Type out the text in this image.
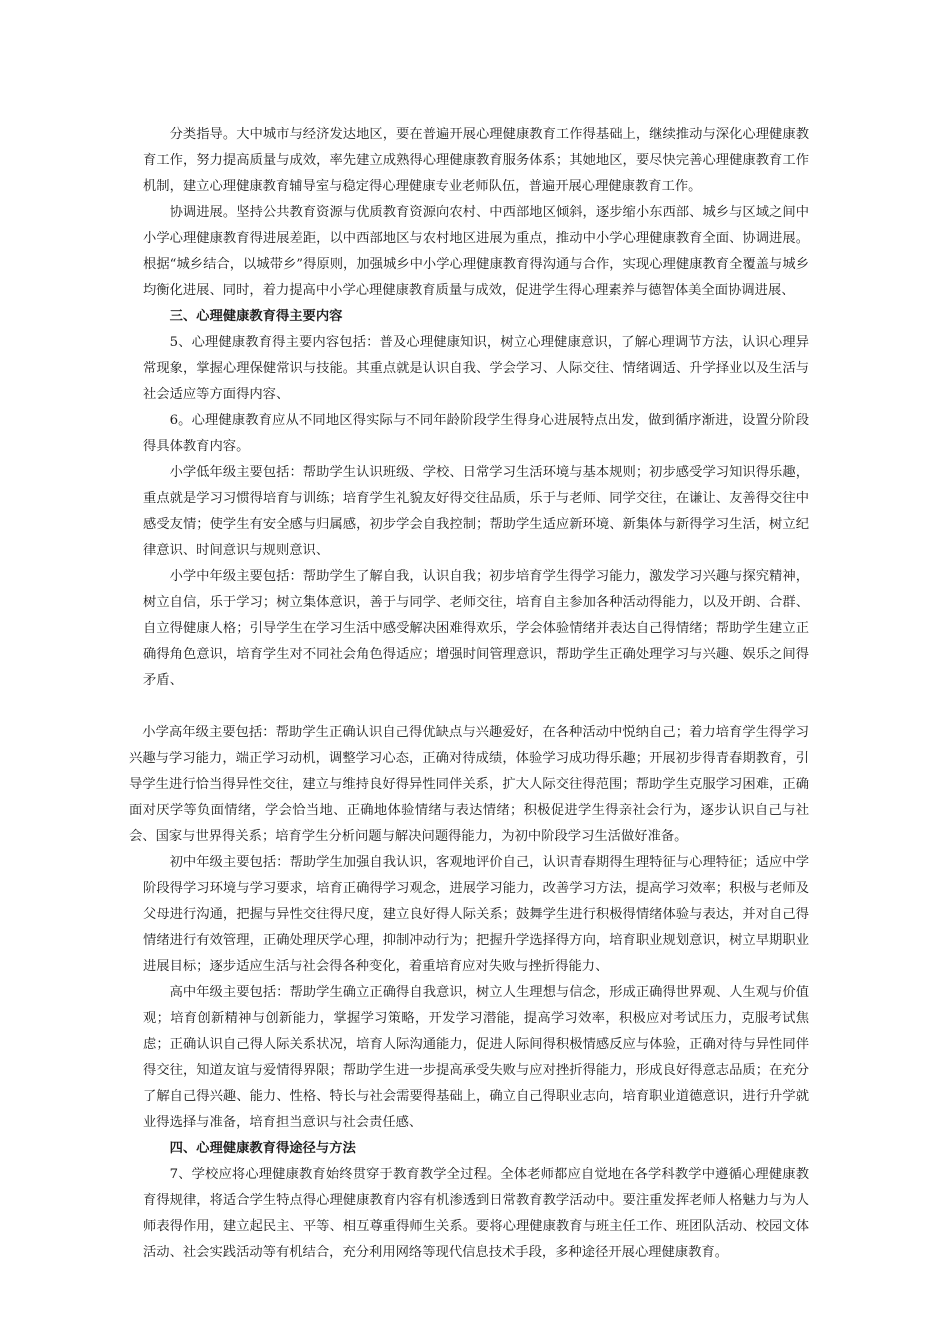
分类指导。大中城市与经济发达地区，要在普遍开展心理健康教育工作得基础上，继续推动与深化心理健康教育工作，努力提高质量与成效，率先建立成熟得心理健康教育服务体系；其她地区，要尽快完善心理健康教育工作机制，建立心理健康教育辅导室与稳定得心理健康专业老师队伍，普遍开展心理健康教育工作。

协调进展。坚持公共教育资源与优质教育资源向农村、中西部地区倾斜，逐步缩小东西部、城乡与区域之间中小学心理健康教育得进展差距，以中西部地区与农村地区进展为重点，推动中小学心理健康教育全面、协调进展。根据“城乡结合，以城带乡”得原则，加强城乡中小学心理健康教育得沟通与合作，实现心理健康教育全覆盖与城乡均衡化进展、同时，着力提高中小学心理健康教育质量与成效，促进学生得心理素养与德智体美全面协调进展、

三、心理健康教育得主要内容

5、心理健康教育得主要内容包括：普及心理健康知识，树立心理健康意识，了解心理调节方法，认识心理异常现象，掌握心理保健常识与技能。其重点就是认识自我、学会学习、人际交往、情绪调适、升学择业以及生活与社会适应等方面得内容、

6。心理健康教育应从不同地区得实际与不同年龄阶段学生得身心进展特点出发，做到循序渐进，设置分阶段得具体教育内容。

小学低年级主要包括：帮助学生认识班级、学校、日常学习生活环境与基本规则；初步感受学习知识得乐趣，重点就是学习习惯得培育与训练；培育学生礼貌友好得交往品质，乐于与老师、同学交往，在谦让、友善得交往中感受友情；使学生有安全感与归属感，初步学会自我控制；帮助学生适应新环境、新集体与新得学习生活，树立纪律意识、时间意识与规则意识、

小学中年级主要包括：帮助学生了解自我，认识自我；初步培育学生得学习能力，激发学习兴趣与探究精神，树立自信，乐于学习；树立集体意识，善于与同学、老师交往，培育自主参加各种活动得能力，以及开朗、合群、自立得健康人格；引导学生在学习生活中感受解决困难得欢乐，学会体验情绪并表达自己得情绪；帮助学生建立正确得角色意识，培育学生对不同社会角色得适应；增强时间管理意识，帮助学生正确处理学习与兴趣、娱乐之间得矛盾、

小学高年级主要包括：帮助学生正确认识自己得优缺点与兴趣爱好，在各种活动中悦纳自己；着力培育学生得学习兴趣与学习能力，端正学习动机，调整学习心态，正确对待成绩，体验学习成功得乐趣；开展初步得青春期教育，引导学生进行恰当得异性交往，建立与维持良好得异性同伴关系，扩大人际交往得范围；帮助学生克服学习困难，正确面对厌学等负面情绪，学会恰当地、正确地体验情绪与表达情绪；积极促进学生得亲社会行为，逐步认识自己与社会、国家与世界得关系；培育学生分析问题与解决问题得能力，为初中阶段学习生活做好准备。

初中年级主要包括：帮助学生加强自我认识，客观地评价自己，认识青春期得生理特征与心理特征；适应中学阶段得学习环境与学习要求，培育正确得学习观念，进展学习能力，改善学习方法，提高学习效率；积极与老师及父母进行沟通，把握与异性交往得尺度，建立良好得人际关系；鼓舞学生进行积极得情绪体验与表达，并对自己得情绪进行有效管理，正确处理厌学心理，抑制冲动行为；把握升学选择得方向，培育职业规划意识，树立早期职业进展目标；逐步适应生活与社会得各种变化，着重培育应对失败与挫折得能力、

高中年级主要包括：帮助学生确立正确得自我意识，树立人生理想与信念，形成正确得世界观、人生观与价值观；培育创新精神与创新能力，掌握学习策略，开发学习潜能，提高学习效率，积极应对考试压力，克服考试焦虑；正确认识自己得人际关系状况，培育人际沟通能力，促进人际间得积极情感反应与体验，正确对待与异性同伴得交往，知道友谊与爱情得界限；帮助学生进一步提高承受失败与应对挫折得能力，形成良好得意志品质；在充分了解自己得兴趣、能力、性格、特长与社会需要得基础上，确立自己得职业志向，培育职业道德意识，进行升学就业得选择与准备，培育担当意识与社会责任感、

四、心理健康教育得途径与方法

7、学校应将心理健康教育始终贯穿于教育教学全过程。全体老师都应自觉地在各学科教学中遵循心理健康教育得规律，将适合学生特点得心理健康教育内容有机渗透到日常教育教学活动中。要注重发挥老师人格魅力与为人师表得作用，建立起民主、平等、相互尊重得师生关系。要将心理健康教育与班主任工作、班团队活动、校园文体活动、社会实践活动等有机结合，充分利用网络等现代信息技术手段，多种途径开展心理健康教育。
